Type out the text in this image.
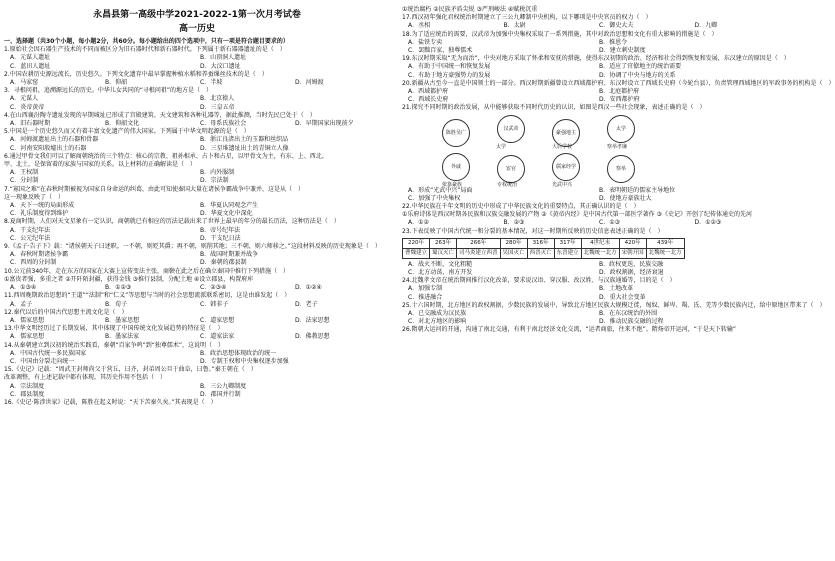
永昌县第一高级中学2021-2022-1第一次月考试卷
高一历史
一、选择题（共30个小题，每小题2分，共60分。每小题给出的四个选项中，只有一项是符合题目要求的）
1.原始社会因石器生产技术的不同而被区分为旧石器时代和新石器时代。下列属于新石器器遗址的是（　）
A．元谋人遗址	B．山顶洞人遗址
C．蓝田人遗址	D．大汶口遗址
2.中国农耕历史源远流长，历史悠久。下列文化遗存中最早掌握种植水稻和养蚕缫丝技术的是（　）
A．马家窑	B．仰韶	C．半坡	D．河姆渡
3．寻根问祖，追溯源远长的历史。中华儿女共同的“寻根问祖”的地方是（　）
A．元谋人	B．北京猿人
C．炎帝黄帝	D．三皇五帝
4.在山西襄汾陶寺遗址发现的早期城址已形成了宫殿建筑、天文建筑和各种礼器等，据此推测，当时先民已处于（　）
A．旧石器时期	B．仰韶文化	C．母系氏族社会	D．早期国家出现前夕
5.中国是一个历史悠久而又有着丰富文化遗产的伟大国家。下列属于中华文明起源的是（　）
A．河姆渡遗址出土的石器和骨器	B．浙江良渚出土的玉器和丝织品
C．河南安阳殷墟出土的石器	D．三星堆遗址出土的青铜立人像
6.通过甲骨文我们可以了解商朝统治的三个特点：核心的宗教、祖孙相承、占卜和占星，以甲骨文为主，有东、上、西北。
甲、北土，是保留着的家族与国家的关系。以上材料的正确解读是（　）
A．王权制	B．内外服制
C．分封制	D．宗法制
7.“寡国之难”在春秋时期被视为国家自身命运的纠葛，由此可知使秦国大量在诸侯争霸战争中兼并，这是从（　）
这一现象反映了（　）
A．天下一统的局面形成	B．华夏认同观念产生
C．礼乐制度得到维护	D．华夏文化中深化
8.夏商时期，人们对天文星象有一定认识，商朝就已有相应的历法记载出来了世界上最早的年分的最长历法，这种历法是（　）
A．干支纪年法	B．帝号纪年法
C．公元纪年法	D．干支纪日法
9.《孟子·告子下》载：“诸侯朝天子曰述职。一不朝，则贬其爵；再不朝，则削其地；三不朝，则六师移之。”这段材料反映的历史现象是（　）
A．春秋时期诸侯争霸	B．战国时期兼并战争
C．西周的分封制	D．秦朝的郡县制
10.公元前340年，走在东方的国家在大赛上宣传变法主张，商鞅在此之后在确立秦国中推行下列措施（　）
①富贵者强，多重之者 ②开阡陌封疆，获得金钱 ③推行县制，分配土地 ④设立郡县，构置府库
A．①③④	B．①②③	C．②③④	D．①②④
11.西周晚期政治思想的“王道”“法制”和“仁义”等思想与当时的社会思想流派联系密切，这是由谁发起（　）
A．孟子	B．荀子	C．韩非子	D．老子
12.秦代以后的中国古代思想主流文化是（　）
A．儒家思想	B．墨家思想	C．道家思想	D．法家思想
13.中华文明经历过了长期发展，其中体现了中国传统文化发展趋势的特征是（　）
A．儒家思想	B．墨家法家	C．道家法家	D．佛教思想
14.从秦朝建立到汉初的统治实践看，秦朝“百家争鸣”到“独尊儒术”，这说明（　）
A．中国古代统一多民族国家	B．政治思想体现政治的统一
C．中国由分裂走向统一	D．专制王权和中央集权逐步加强
15.《史记》记载：“周武王封师尚父于营丘，曰齐，封弟周公旦于曲阜，曰鲁。”秦王朝在（　）
改革调整，有上述记载中都有体现。其历史作用不包括（　）
A．宗法制度	B．三公九卿制度
C．郡县制度	D．郡国并行制
16.《史记·陈涉世家》记载，陈胜在起义时说：“天下苦秦久矣。”其表现是（　）
①统治腐朽 ②民族矛盾尖锐 ③严刑峻法 ④赋税沉重
17.西汉初年强化君权统治时期建立了三公九卿制中央机构，以下哪项是中央官员的权力（　）
A．丞相	B．太尉	C．御史大夫	D．九卿
18.为了适应统治的需要，汉武帝为加强中央集权采取了一系列措施，其中对政治思想和文化有重大影响的措施是（　）
A．盐铁专卖	B．推恩令
C．罢黜百家，独尊儒术	D．建立刺史制度
19.东汉时期采取“无为而治”，中央对地方采取了怀柔和安抚的措施，使得东汉初期的政治、经济和社会得到恢复和发展，东汉建立的原因是（　）
A．有助于中国统一和恢复发展	B．适应了官僚地主的统治需要
C．有助于地方豪强势力的发展	D．协调了中央与地方的关系
20.新疆从古至今一直是中国领土的一部分。西汉时期新疆曾设立西域都护府、东汉时设立了西域长史府（今轮台县），负责管理西域地区的军政事务的机构是（　）
A．西域都护府	B．北庭都护府
C．西域长史府	D．安西都护府
21.探究不同时期的政治发展，从中能够获取不同时代历史的认识，如图是西汉一些社会现象，表述正确的是（　）
陈胜吴广
汉武帝
豪强地主
太学
外戚	宦官	儒家经学	察举
太学	大后学校	察举孝廉
依靠豪族	专权统治	光武中兴
A．形成“光武中兴”局面	B．表明朝廷的儒家主导地位
C．加强了中央集权	D．使地方豪族壮大
22.中华民族在千年文明的历史中形成了中华民族文化的重要特点，其正确认识的是（　）
①乐府诗体是西汉时期各民族和汉族交融发展的产物 ②《黄帝内经》是中国古代第一部医学著作 ③《史记》开创了纪传体通史的先河
A．①②	B．②③	C．①③	D．①②③
23.下表反映了中国古代统一和分裂的基本情况，对这一时期所反映的历史信息表述正确的是（　）
220年	263年	266年	280年	316年	317年	4世纪末	420年	439年
曹魏建立	蜀汉灭亡	司马炎建立西晋	吴国灭亡	西晋灭亡	东晋建立	北魏统一北方	宋朝开国	北魏统一北方
A．战火不断，文化粗糙	B．政权更迭，民族交融
C．北方动荡，南方开发	D．政权割据，经济衰退
24.北魏孝文帝在统治期间推行汉化改革，要求说汉语、穿汉服、改汉姓、与汉族通婚等，目的是（　）
A．加强专制	B．土地改革
C．推进融合	D．重大社会变革
25.十六国时期，北方地区的政权割据，少数民族的发展中，导致北方地区民族大规模迁徙，匈奴、鲜卑、羯、氐、羌等少数民族内迁，给中原地区带来了（　）
A．已交融成为汉民族	B．在东汉统治的外围
C．对北方地区的影响	D．推动民族交融的过程
26.隋朝大运河的开通，沟通了南北交通，有利于南北经济文化交流，“运者商旅，往来不绝”。隋炀帝开运河，“于是天下转输”
